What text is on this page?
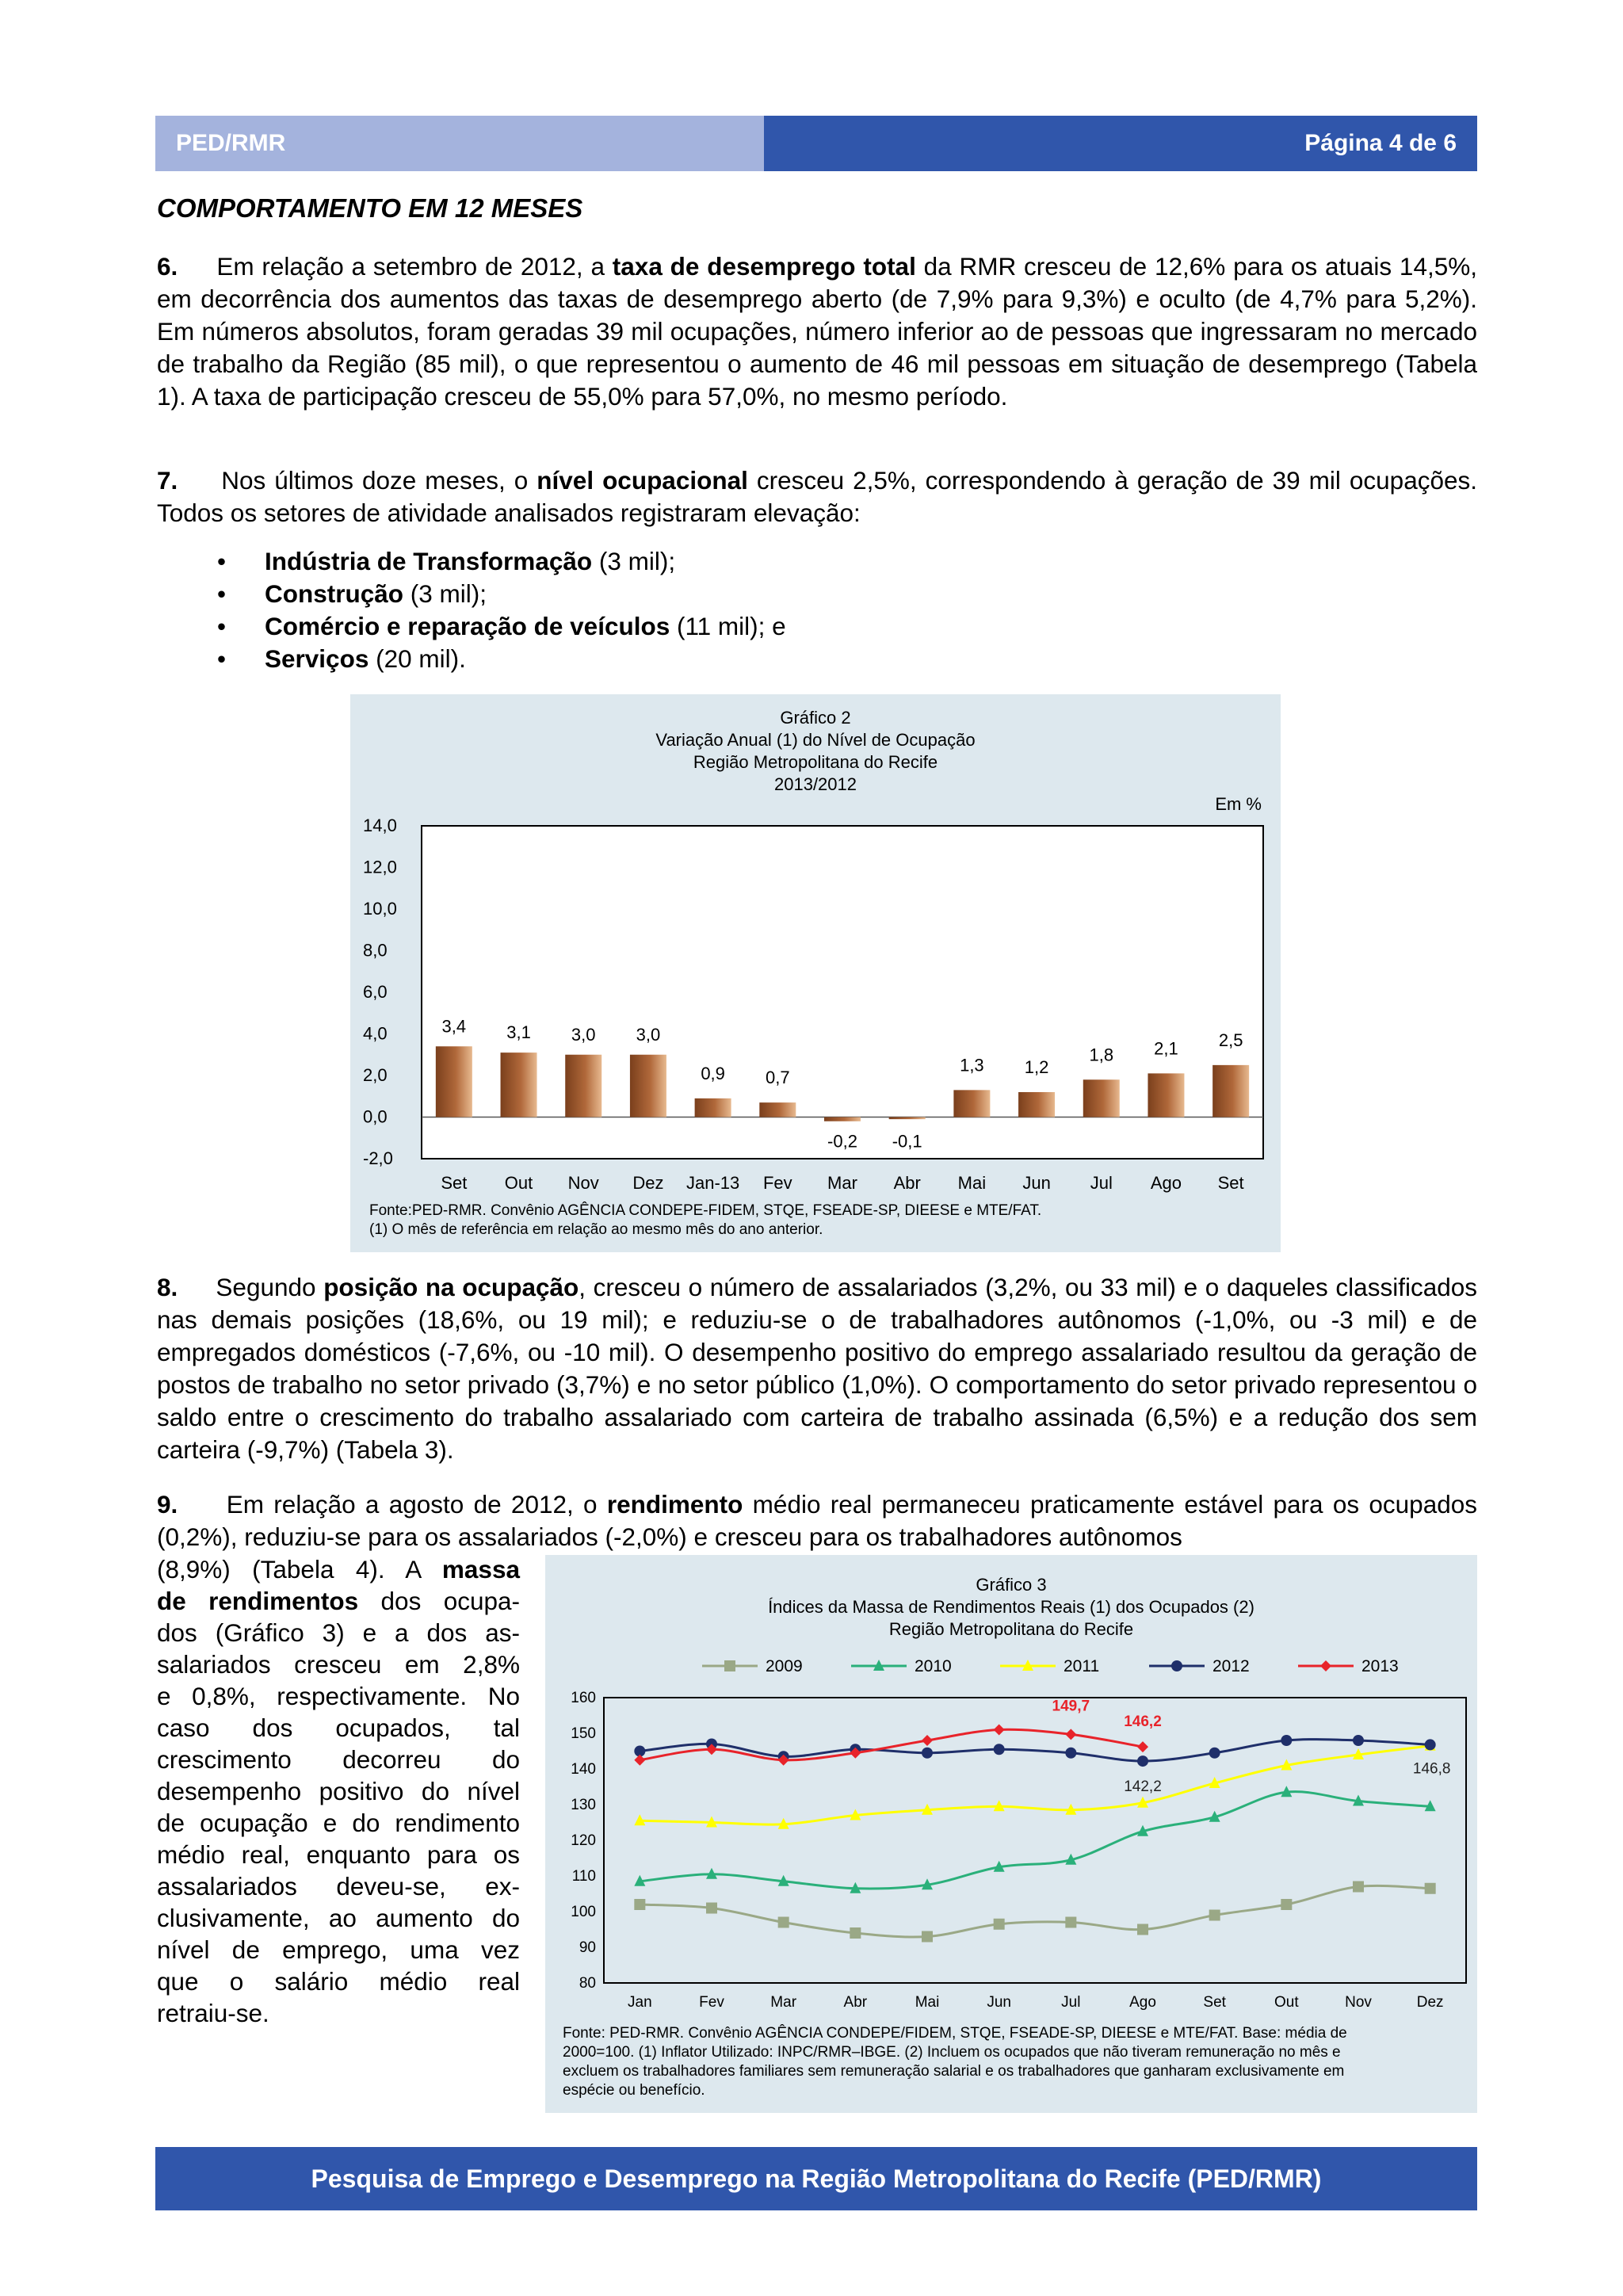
PED/RMR	Página 4 de 6
COMPORTAMENTO EM 12 MESES
6. Em relação a setembro de 2012, a taxa de desemprego total da RMR cresceu de 12,6% para os atuais 14,5%, em decorrência dos aumentos das taxas de desemprego aberto (de 7,9% para 9,3%) e oculto (de 4,7% para 5,2%). Em números absolutos, foram geradas 39 mil ocupações, número inferior ao de pessoas que ingressaram no mercado de trabalho da Região (85 mil), o que representou o aumento de 46 mil pessoas em situação de desemprego (Tabela 1). A taxa de participação cresceu de 55,0% para 57,0%, no mesmo período.
7. Nos últimos doze meses, o nível ocupacional cresceu 2,5%, correspondendo à geração de 39 mil ocupações. Todos os setores de atividade analisados registraram elevação:
• Indústria de Transformação (3 mil);
• Construção (3 mil);
• Comércio e reparação de veículos (11 mil); e
• Serviços (20 mil).
Gráfico 2
Variação Anual (1) do Nível de Ocupação
Região Metropolitana do Recife
2013/2012
14,0
12,0
10,0
8,0
6,0
4,0
2,0
0,0
-2,0
Em %
3,4
Set
3,1
Out
3,0
Nov
3,0
Dez
0,9
Jan-13
0,7
Fev
-0,2
Mar
-0,1
Abr
1,3
Mai
1,2
Jun
1,8
Jul
2,1
Ago
2,5
Set
Fonte:PED-RMR. Convênio AGÊNCIA CONDEPE-FIDEM, STQE, FSEADE-SP, DIEESE e MTE/FAT.
(1) O mês de referência em relação ao mesmo mês do ano anterior.
8. Segundo posição na ocupação, cresceu o número de assalariados (3,2%, ou 33 mil) e o daqueles classificados nas demais posições (18,6%, ou 19 mil); e reduziu-se o de trabalhadores autônomos (-1,0%, ou -3 mil) e de empregados domésticos (-7,6%, ou -10 mil). O desempenho positivo do emprego assalariado resultou da geração de postos de trabalho no setor privado (3,7%) e no setor público (1,0%). O comportamento do setor privado representou o saldo entre o crescimento do trabalho assalariado com carteira de trabalho assinada (6,5%) e a redução dos sem carteira (-9,7%) (Tabela 3).
9. Em relação a agosto de 2012, o rendimento médio real permaneceu praticamente estável para os ocupados (0,2%), reduziu-se para os assalariados (-2,0%) e cresceu para os trabalhadores autônomos
(8,9%) (Tabela 4). A massa
de rendimentos dos ocupa-
dos (Gráfico 3) e a dos as-
salariados cresceu em 2,8%
e 0,8%, respectivamente. No
caso dos ocupados, tal
crescimento decorreu do
desempenho positivo do nível
de ocupação e do rendimento
médio real, enquanto para os
assalariados deveu-se, ex-
clusivamente, ao aumento do
nível de emprego, uma vez
que o salário médio real
retraiu-se.
Gráfico 3
Índices da Massa de Rendimentos Reais (1) dos Ocupados (2)
Região Metropolitana do Recife
160
150
140
130
120
110
100
90
80
Jan	Fev	Mar	Abr	Mai	Jun	Jul	Ago	Set	Out	Nov	Dez
2009	2010	2011	2012	2013
149,7
146,2
142,2
146,8
Fonte: PED-RMR. Convênio AGÊNCIA CONDEPE/FIDEM, STQE, FSEADE-SP, DIEESE e MTE/FAT. Base: média de
2000=100. (1) Inflator Utilizado: INPC/RMR–IBGE. (2) Incluem os ocupados que não tiveram remuneração no mês e
excluem os trabalhadores familiares sem remuneração salarial e os trabalhadores que ganharam exclusivamente em
espécie ou benefício.
Pesquisa de Emprego e Desemprego na Região Metropolitana do Recife (PED/RMR)
